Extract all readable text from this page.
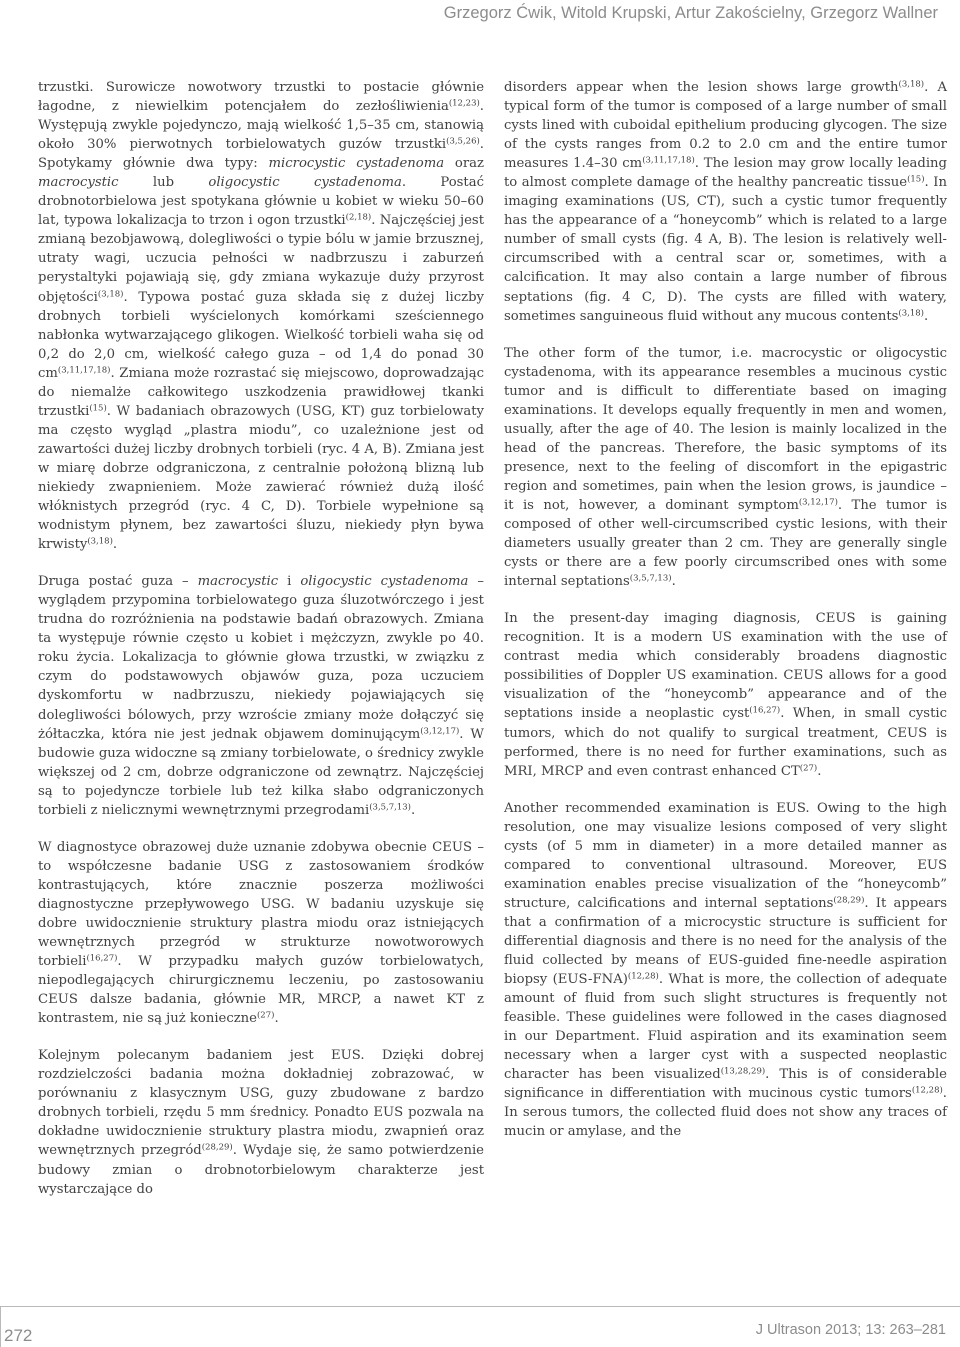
Grzegorz Ćwik, Witold Krupski, Artur Zakościelny, Grzegorz Wallner

trzustki. Surowicze nowotwory trzustki to postacie głównie łagodne, z niewielkim potencjałem do zezłośliwienia$^{(12,23)}$. Występują zwykle pojedynczo, mają wielkość 1,5–35 cm, stanowią około 30% pierwotnych torbielowatych guzów trzustki$^{(3,5,26)}$. Spotykamy głównie dwa typy: microcystic cystadenoma oraz macrocystic lub oligocystic cystadenoma. Postać drobnotorbielowa jest spotykana głównie u kobiet w wieku 50–60 lat, typowa lokalizacja to trzon i ogon trzustki$^{(2,18)}$. Najczęściej jest zmianą bezobjawową, dolegliwości o typie bólu w jamie brzusznej, utraty wagi, uczucia pełności w nadbrzuszu i zaburzeń perystaltyki pojawiają się, gdy zmiana wykazuje duży przyrost objętości$^{(3,18)}$. Typowa postać guza składa się z dużej liczby drobnych torbieli wyścielonych komórkami sześciennego nabłonka wytwarzającego glikogen. Wielkość torbieli waha się od 0,2 do 2,0 cm, wielkość całego guza – od 1,4 do ponad 30 cm$^{(3,11,17,18)}$. Zmiana może rozrastać się miejscowo, doprowadzając do niemalże całkowitego uszkodzenia prawidłowej tkanki trzustki$^{(15)}$. W badaniach obrazowych (USG, KT) guz torbielowaty ma często wygląd „plastra miodu”, co uzależnione jest od zawartości dużej liczby drobnych torbieli (ryc. 4 A, B). Zmiana jest w miarę dobrze odgraniczona, z centralnie położoną blizną lub niekiedy zwapnieniem. Może zawierać również dużą ilość włóknistych przegród (ryc. 4 C, D). Torbiele wypełnione są wodnistym płynem, bez zawartości śluzu, niekiedy płyn bywa krwisty$^{(3,18)}$.

Druga postać guza – macrocystic i oligocystic cystadenoma – wyglądem przypomina torbielowatego guza śluzotwórczego i jest trudna do rozróżnienia na podstawie badań obrazowych. Zmiana ta występuje równie często u kobiet i mężczyzn, zwykle po 40. roku życia. Lokalizacja to głównie głowa trzustki, w związku z czym do podstawowych objawów guza, poza uczuciem dyskomfortu w nadbrzuszu, niekiedy pojawiających się dolegliwości bólowych, przy wzroście zmiany może dołączyć się żółtaczka, która nie jest jednak objawem dominującym$^{(3,12,17)}$. W budowie guza widoczne są zmiany torbielowate, o średnicy zwykle większej od 2 cm, dobrze odgraniczone od zewnątrz. Najczęściej są to pojedyncze torbiele lub też kilka słabo odgraniczonych torbieli z nielicznymi wewnętrznymi przegrodami$^{(3,5,7,13)}$.

W diagnostyce obrazowej duże uznanie zdobywa obecnie CEUS – to współczesne badanie USG z zastosowaniem środków kontrastujących, które znacznie poszerza możliwości diagnostyczne przepływowego USG. W badaniu uzyskuje się dobre uwidocznienie struktury plastra miodu oraz istniejących wewnętrznych przegród w strukturze nowotworowych torbieli$^{(16,27)}$. W przypadku małych guzów torbielowatych, niepodlegających chirurgicznemu leczeniu, po zastosowaniu CEUS dalsze badania, głównie MR, MRCP, a nawet KT z kontrastem, nie są już konieczne$^{(27)}$.

Kolejnym polecanym badaniem jest EUS. Dzięki dobrej rozdzielczości badania można dokładniej zobrazować, w porównaniu z klasycznym USG, guzy zbudowane z bardzo drobnych torbieli, rzędu 5 mm średnicy. Ponadto EUS pozwala na dokładne uwidocznienie struktury plastra miodu, zwapnień oraz wewnętrznych przegród$^{(28,29)}$. Wydaje się, że samo potwierdzenie budowy zmian o drobnotorbielowym charakterze jest wystarczające do

disorders appear when the lesion shows large growth$^{(3,18)}$. A typical form of the tumor is composed of a large number of small cysts lined with cuboidal epithelium producing glycogen. The size of the cysts ranges from 0.2 to 2.0 cm and the entire tumor measures 1.4–30 cm$^{(3,11,17,18)}$. The lesion may grow locally leading to almost complete damage of the healthy pancreatic tissue$^{(15)}$. In imaging examinations (US, CT), such a cystic tumor frequently has the appearance of a “honeycomb” which is related to a large number of small cysts (fig. 4 A, B). The lesion is relatively well-circumscribed with a central scar or, sometimes, with a calcification. It may also contain a large number of fibrous septations (fig. 4 C, D). The cysts are filled with watery, sometimes sanguineous fluid without any mucous contents$^{(3,18)}$.

The other form of the tumor, i.e. macrocystic or oligocystic cystadenoma, with its appearance resembles a mucinous cystic tumor and is difficult to differentiate based on imaging examinations. It develops equally frequently in men and women, usually, after the age of 40. The lesion is mainly localized in the head of the pancreas. Therefore, the basic symptoms of its presence, next to the feeling of discomfort in the epigastric region and sometimes, pain when the lesion grows, is jaundice – it is not, however, a dominant symptom$^{(3,12,17)}$. The tumor is composed of other well-circumscribed cystic lesions, with their diameters usually greater than 2 cm. They are generally single cysts or there are a few poorly circumscribed ones with some internal septations$^{(3,5,7,13)}$.

In the present-day imaging diagnosis, CEUS is gaining recognition. It is a modern US examination with the use of contrast media which considerably broadens diagnostic possibilities of Doppler US examination. CEUS allows for a good visualization of the “honeycomb” appearance and of the septations inside a neoplastic cyst$^{(16,27)}$. When, in small cystic tumors, which do not qualify to surgical treatment, CEUS is performed, there is no need for further examinations, such as MRI, MRCP and even contrast enhanced CT$^{(27)}$.

Another recommended examination is EUS. Owing to the high resolution, one may visualize lesions composed of very slight cysts (of 5 mm in diameter) in a more detailed manner as compared to conventional ultrasound. Moreover, EUS examination enables precise visualization of the “honeycomb” structure, calcifications and internal septations$^{(28,29)}$. It appears that a confirmation of a microcystic structure is sufficient for differential diagnosis and there is no need for the analysis of the fluid collected by means of EUS-guided fine-needle aspiration biopsy $(EUS-FNA)^{(12,28)}$. What is more, the collection of adequate amount of fluid from such slight structures is frequently not feasible. These guidelines were followed in the cases diagnosed in our Department. Fluid aspiration and its examination seem necessary when a larger cyst with a suspected neoplastic character has been visualized$^{(13,28,29)}$. This is of considerable significance in differentiation with mucinous cystic tumors$^{(12,28)}$. In serous tumors, the collected fluid does not show any traces of mucin or amylase, and the

272	J Ultrason 2013; 13: 263–281
